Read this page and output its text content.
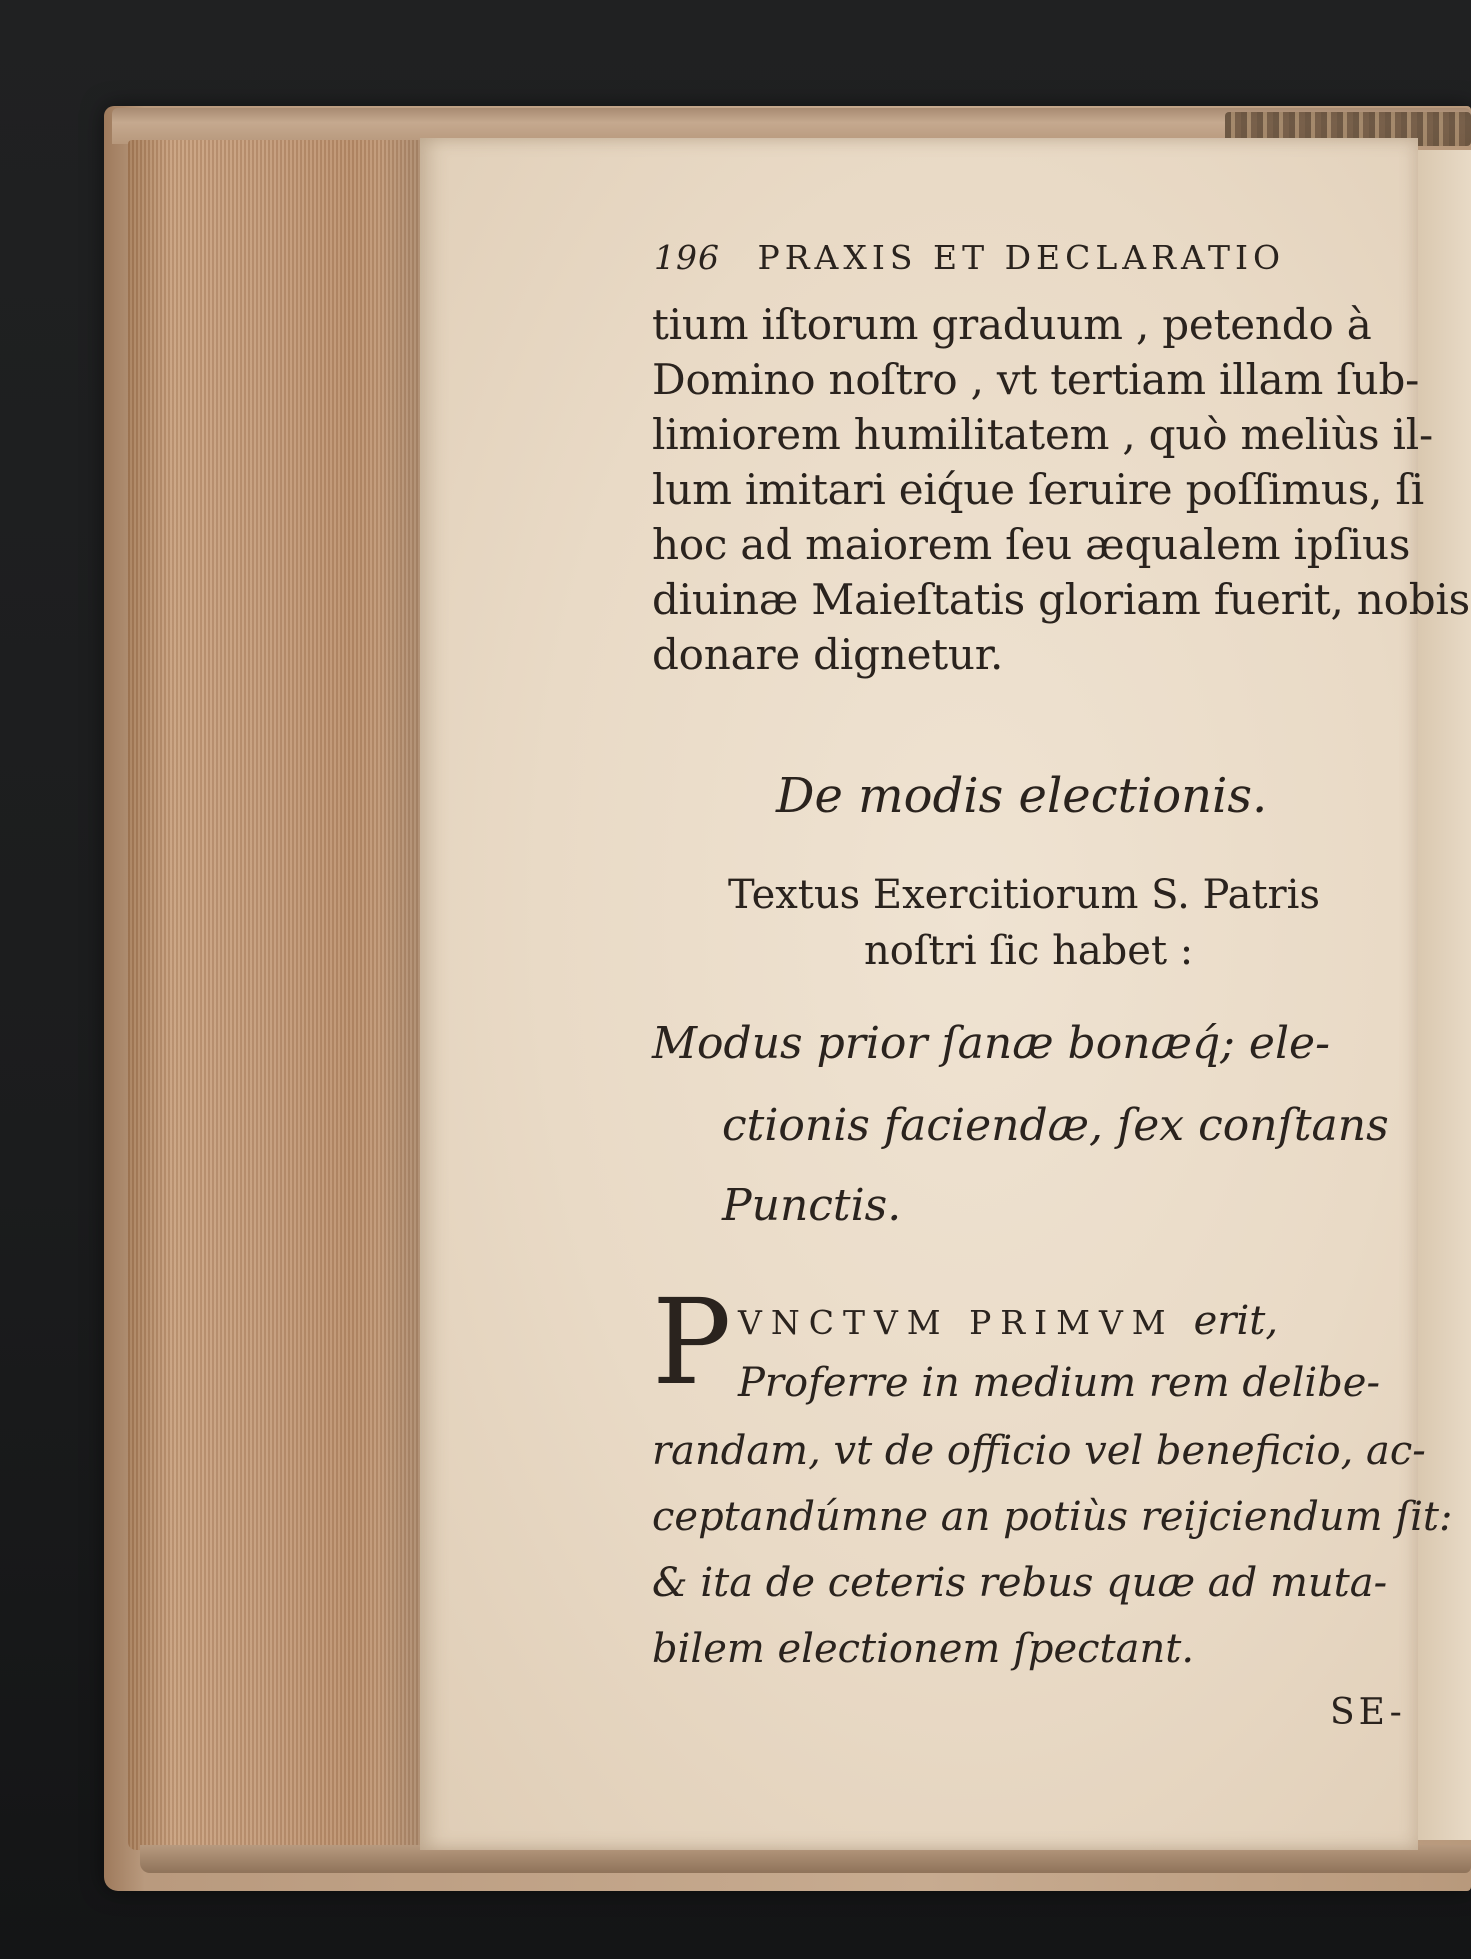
196 PRAXIS ET DECLARATIO
tium iſtorum graduum , petendo à
Domino noſtro , vt tertiam illam ſub-
limiorem humilitatem , quò meliùs il-
lum imitari eiq́ue ſeruire poſſimus, ſi
hoc ad maiorem ſeu æqualem ipſius
diuinæ Maieſtatis gloriam fuerit, nobis
donare dignetur.
De modis electionis.
Textus Exercitiorum S. Patris
noſtri ſic habet :
Modus prior ſanæ bonæq́; ele-
ctionis faciendæ, ſex conſtans
Punctis.
P VNCTVM PRIMVM erit,
Proferre in medium rem delibe-
randam, vt de officio vel beneficio, ac-
ceptandúmne an potiùs reijciendum ſit:
& ita de ceteris rebus quæ ad muta-
bilem electionem ſpectant.
SE-
